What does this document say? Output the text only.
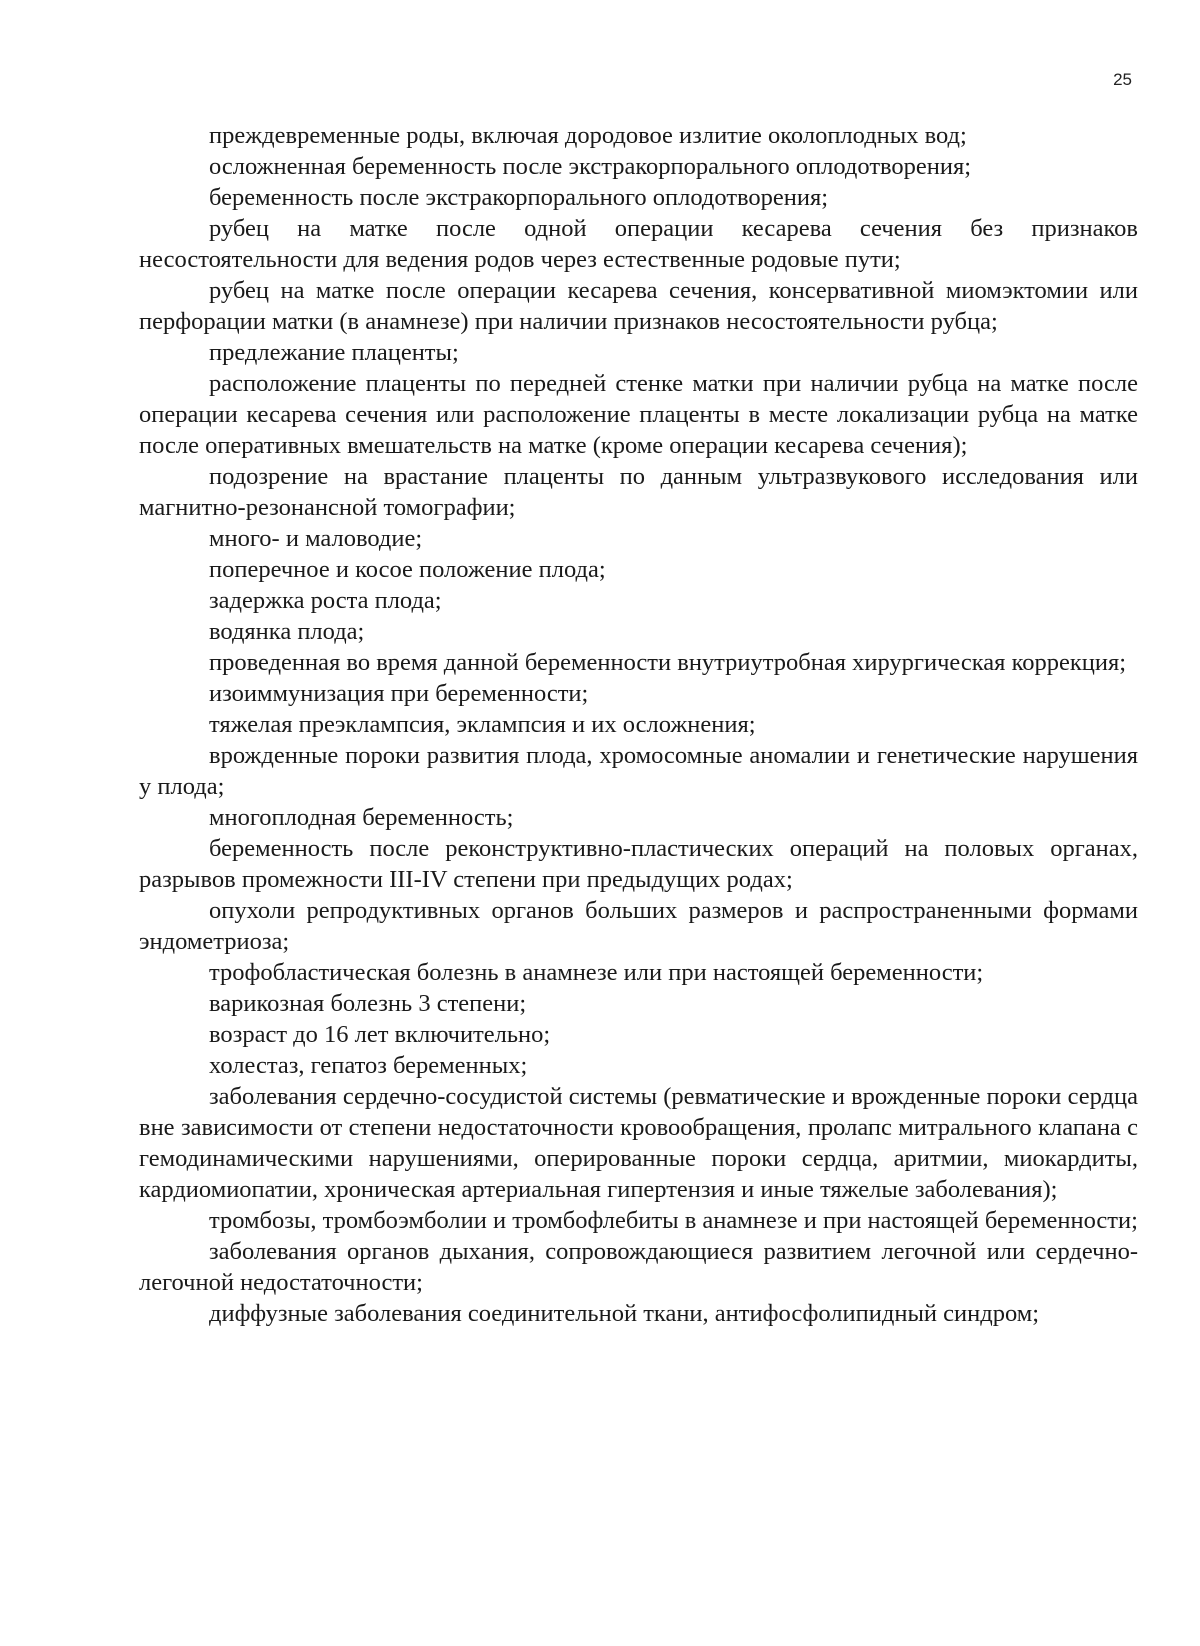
25

преждевременные роды, включая дородовое излитие околоплодных вод;

осложненная беременность после экстракорпорального оплодотворения;

беременность после экстракорпорального оплодотворения;

рубец на матке после одной операции кесарева сечения без признаков несостоятельности для ведения родов через естественные родовые пути;

рубец на матке после операции кесарева сечения, консервативной миомэктомии или перфорации матки (в анамнезе) при наличии признаков несостоятельности рубца;

предлежание плаценты;

расположение плаценты по передней стенке матки при наличии рубца на матке после операции кесарева сечения или расположение плаценты в месте локализации рубца на матке после оперативных вмешательств на матке (кроме операции кесарева сечения);

подозрение на врастание плаценты по данным ультразвукового исследования или магнитно-резонансной томографии;

много- и маловодие;

поперечное и косое положение плода;

задержка роста плода;

водянка плода;

проведенная во время данной беременности внутриутробная хирургическая коррекция;

изоиммунизация при беременности;

тяжелая преэклампсия, эклампсия и их осложнения;

врожденные пороки развития плода, хромосомные аномалии и генетические нарушения у плода;

многоплодная беременность;

беременность после реконструктивно-пластических операций на половых органах, разрывов промежности III-IV степени при предыдущих родах;

опухоли репродуктивных органов больших размеров и распространенными формами эндометриоза;

трофобластическая болезнь в анамнезе или при настоящей беременности;

варикозная болезнь 3 степени;

возраст до 16 лет включительно;

холестаз, гепатоз беременных;

заболевания сердечно-сосудистой системы (ревматические и врожденные пороки сердца вне зависимости от степени недостаточности кровообращения, пролапс митрального клапана с гемодинамическими нарушениями, оперированные пороки сердца, аритмии, миокардиты, кардиомиопатии, хроническая артериальная гипертензия и иные тяжелые заболевания);

тромбозы, тромбоэмболии и тромбофлебиты в анамнезе и при настоящей беременности;

заболевания органов дыхания, сопровождающиеся развитием легочной или сердечно-легочной недостаточности;

диффузные заболевания соединительной ткани, антифосфолипидный синдром;
